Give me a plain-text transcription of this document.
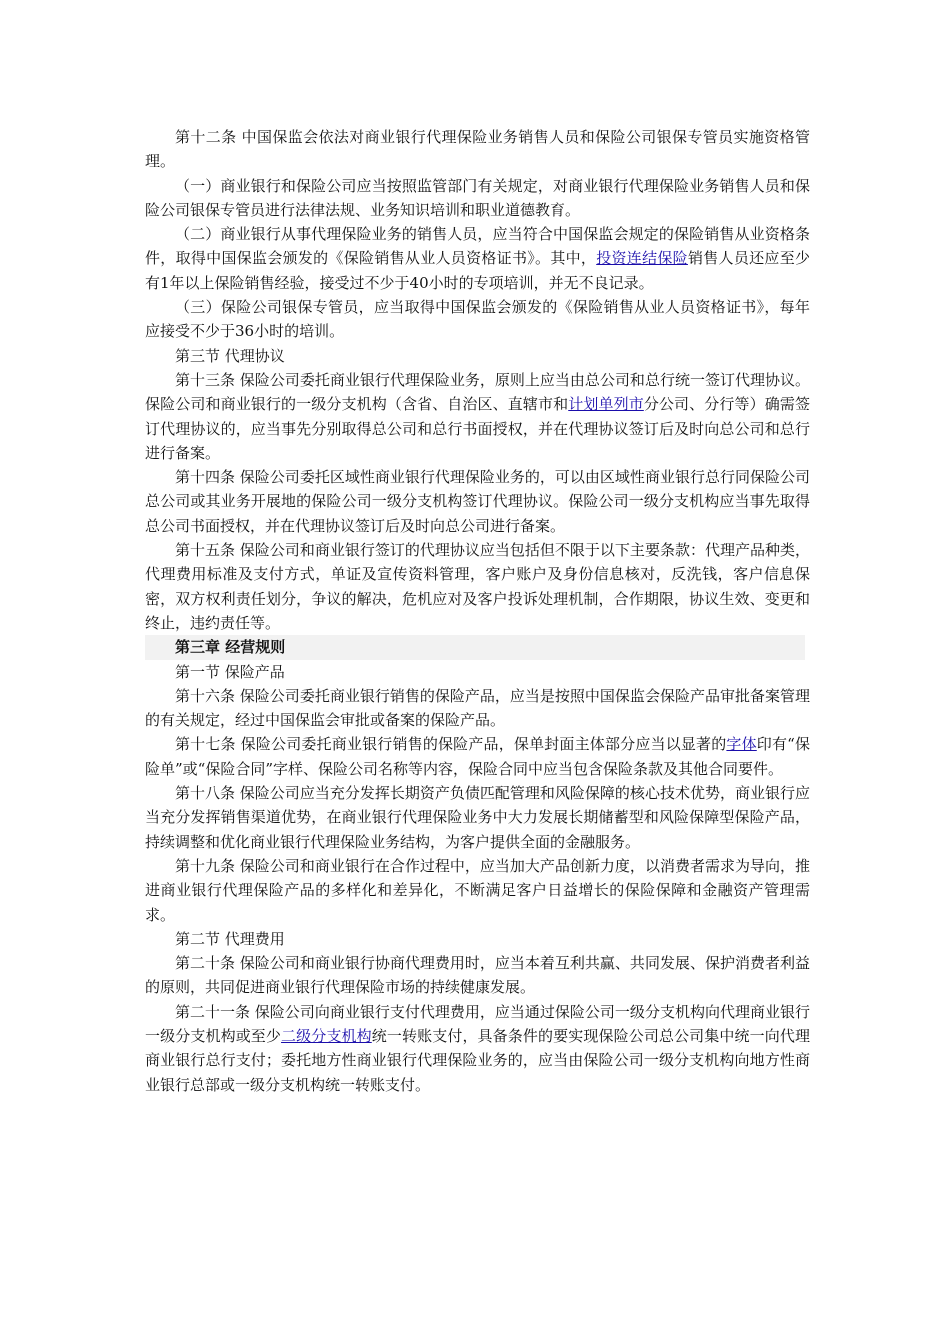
第十二条 中国保监会依法对商业银行代理保险业务销售人员和保险公司银保专管员实施资格管理。

（一）商业银行和保险公司应当按照监管部门有关规定，对商业银行代理保险业务销售人员和保险公司银保专管员进行法律法规、业务知识培训和职业道德教育。

（二）商业银行从事代理保险业务的销售人员，应当符合中国保监会规定的保险销售从业资格条件，取得中国保监会颁发的《保险销售从业人员资格证书》。其中，投资连结保险销售人员还应至少有1年以上保险销售经验，接受过不少于40小时的专项培训，并无不良记录。

（三）保险公司银保专管员，应当取得中国保监会颁发的《保险销售从业人员资格证书》，每年应接受不少于36小时的培训。

第三节 代理协议

第十三条 保险公司委托商业银行代理保险业务，原则上应当由总公司和总行统一签订代理协议。保险公司和商业银行的一级分支机构（含省、自治区、直辖市和计划单列市分公司、分行等）确需签订代理协议的，应当事先分别取得总公司和总行书面授权，并在代理协议签订后及时向总公司和总行进行备案。

第十四条 保险公司委托区域性商业银行代理保险业务的，可以由区域性商业银行总行同保险公司总公司或其业务开展地的保险公司一级分支机构签订代理协议。保险公司一级分支机构应当事先取得总公司书面授权，并在代理协议签订后及时向总公司进行备案。

第十五条 保险公司和商业银行签订的代理协议应当包括但不限于以下主要条款：代理产品种类，代理费用标准及支付方式，单证及宣传资料管理，客户账户及身份信息核对，反洗钱，客户信息保密，双方权利责任划分，争议的解决，危机应对及客户投诉处理机制，合作期限，协议生效、变更和终止，违约责任等。

第三章 经营规则

第一节 保险产品

第十六条 保险公司委托商业银行销售的保险产品，应当是按照中国保监会保险产品审批备案管理的有关规定，经过中国保监会审批或备案的保险产品。

第十七条 保险公司委托商业银行销售的保险产品，保单封面主体部分应当以显著的字体印有“保险单”或“保险合同”字样、保险公司名称等内容，保险合同中应当包含保险条款及其他合同要件。

第十八条 保险公司应当充分发挥长期资产负债匹配管理和风险保障的核心技术优势，商业银行应当充分发挥销售渠道优势，在商业银行代理保险业务中大力发展长期储蓄型和风险保障型保险产品，持续调整和优化商业银行代理保险业务结构，为客户提供全面的金融服务。

第十九条 保险公司和商业银行在合作过程中，应当加大产品创新力度，以消费者需求为导向，推进商业银行代理保险产品的多样化和差异化，不断满足客户日益增长的保险保障和金融资产管理需求。

第二节 代理费用

第二十条 保险公司和商业银行协商代理费用时，应当本着互利共赢、共同发展、保护消费者利益的原则，共同促进商业银行代理保险市场的持续健康发展。

第二十一条 保险公司向商业银行支付代理费用，应当通过保险公司一级分支机构向代理商业银行一级分支机构或至少二级分支机构统一转账支付，具备条件的要实现保险公司总公司集中统一向代理商业银行总行支付；委托地方性商业银行代理保险业务的，应当由保险公司一级分支机构向地方性商业银行总部或一级分支机构统一转账支付。
